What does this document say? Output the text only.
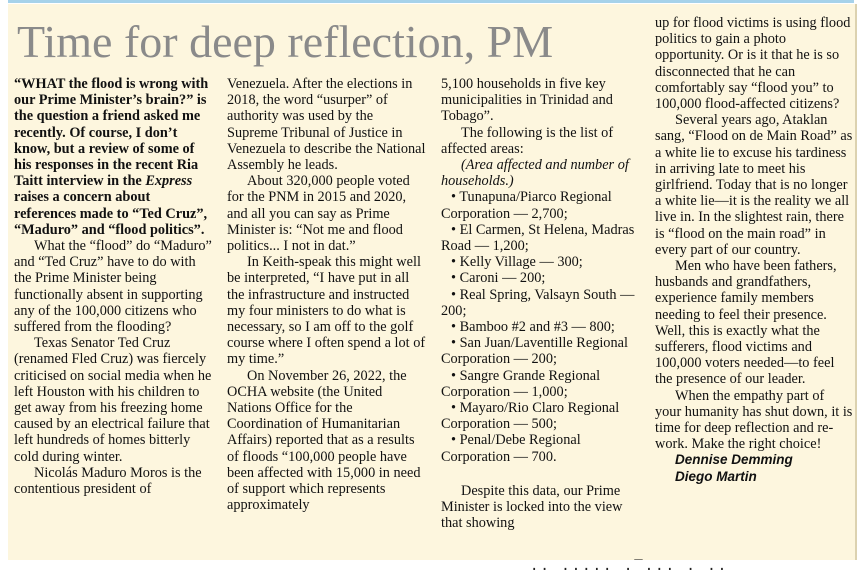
Time for deep reflection, PM

“WHAT the flood is wrong with our Prime Minister’s brain?” is the question a friend asked me recently. Of course, I don’t know, but a review of some of his responses in the recent Ria Taitt interview in the Express raises a concern about references made to “Ted Cruz”, “Maduro” and “flood politics”.

What the “flood” do “Maduro” and “Ted Cruz” have to do with the Prime Minister being functionally absent in supporting any of the 100,000 citizens who suffered from the flooding?

Texas Senator Ted Cruz (renamed Fled Cruz) was fiercely criticised on social media when he left Houston with his children to get away from his freezing home caused by an electrical failure that left hundreds of homes bitterly cold during winter.

Nicolás Maduro Moros is the contentious president of

Venezuela. After the elections in 2018, the word “usurper” of authority was used by the Supreme Tribunal of Justice in Venezuela to describe the National Assembly he leads.

About 320,000 people voted for the PNM in 2015 and 2020, and all you can say as Prime Minister is: “Not me and flood politics... I not in dat.”

In Keith-speak this might well be interpreted, “I have put in all the infrastructure and instructed my four ministers to do what is necessary, so I am off to the golf course where I often spend a lot of my time.”

On November 26, 2022, the OCHA website (the United Nations Office for the Coordination of Humanitarian Affairs) reported that as a results of floods “100,000 people have been affected with 15,000 in need of support which represents approximately

5,100 households in five key municipalities in Trinidad and Tobago”.

The following is the list of affected areas:

(Area affected and number of households.)

• Tunapuna/Piarco Regional Corporation — 2,700;

• El Carmen, St Helena, Madras Road — 1,200;

• Kelly Village — 300;

• Caroni — 200;

• Real Spring, Valsayn South — 200;

• Bamboo #2 and #3 — 800;

• San Juan/Laventille Regional Corporation — 200;

• Sangre Grande Regional Corporation — 1,000;

• Mayaro/Rio Claro Regional Corporation — 500;

• Penal/Debe Regional Corporation — 700.

Despite this data, our Prime Minister is locked into the view that showing

up for flood victims is using flood politics to gain a photo opportunity. Or is it that he is so disconnected that he can comfortably say “flood you” to 100,000 flood-affected citizens?

Several years ago, Ataklan sang, “Flood on de Main Road” as a white lie to excuse his tardiness in arriving late to meet his girlfriend. Today that is no longer a white lie—it is the reality we all live in. In the slightest rain, there is “flood on the main road” in every part of our country.

Men who have been fathers, husbands and grandfathers, experience family members needing to feel their presence. Well, this is exactly what the sufferers, flood victims and 100,000 voters needed—to feel the presence of our leader.

When the empathy part of your humanity has shut down, it is time for deep reflection and re-work. Make the right choice!

Dennise Demming

Diego Martin

.. ..... .‾... . ..
